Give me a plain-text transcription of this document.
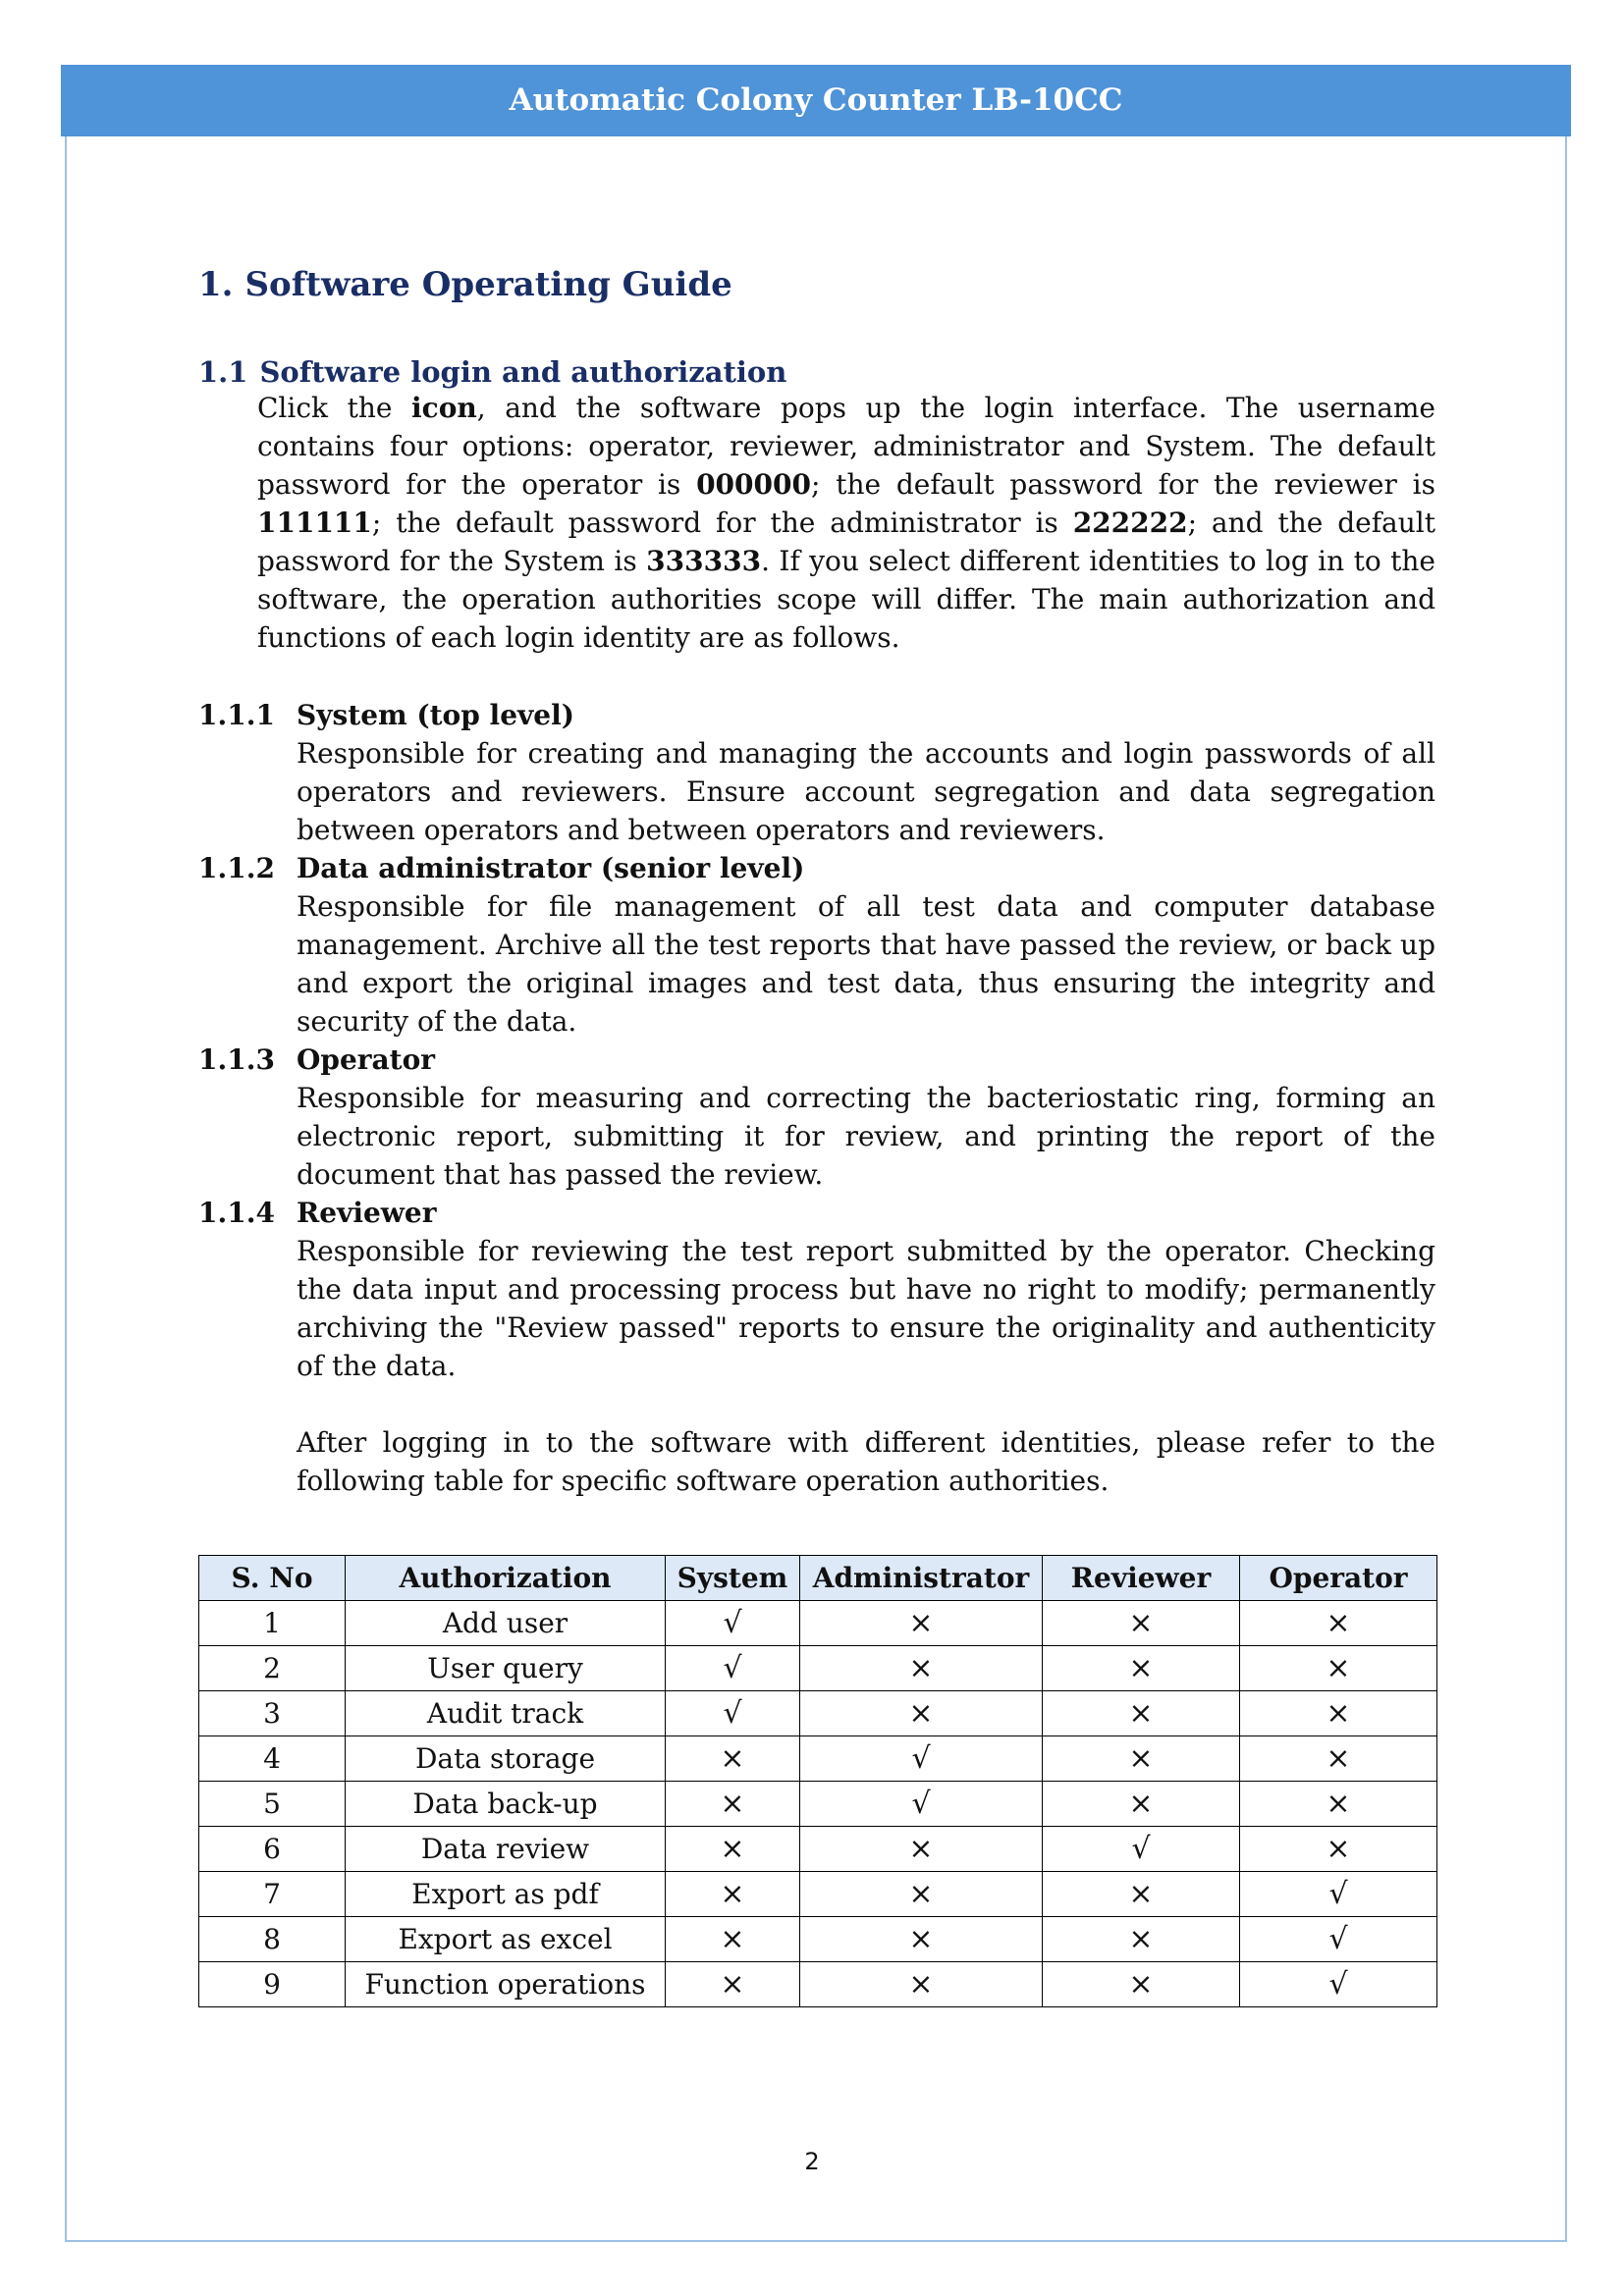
Automatic Colony Counter LB-10CC
1. Software Operating Guide
1.1 Software login and authorization
Click the icon, and the software pops up the login interface. The username contains four options: operator, reviewer, administrator and System. The default password for the operator is 000000; the default password for the reviewer is 111111; the default password for the administrator is 222222; and the default password for the System is 333333. If you select different identities to log in to the software, the operation authorities scope will differ. The main authorization and functions of each login identity are as follows.
1.1.1 System (top level)
Responsible for creating and managing the accounts and login passwords of all operators and reviewers. Ensure account segregation and data segregation between operators and between operators and reviewers.
1.1.2 Data administrator (senior level)
Responsible for file management of all test data and computer database management. Archive all the test reports that have passed the review, or back up and export the original images and test data, thus ensuring the integrity and security of the data.
1.1.3 Operator
Responsible for measuring and correcting the bacteriostatic ring, forming an electronic report, submitting it for review, and printing the report of the document that has passed the review.
1.1.4 Reviewer
Responsible for reviewing the test report submitted by the operator. Checking the data input and processing process but have no right to modify; permanently archiving the "Review passed" reports to ensure the originality and authenticity of the data.
After logging in to the software with different identities, please refer to the following table for specific software operation authorities.
S. No	Authorization	System	Administrator	Reviewer	Operator
1	Add user	√	×	×	×
2	User query	√	×	×	×
3	Audit track	√	×	×	×
4	Data storage	×	√	×	×
5	Data back-up	×	√	×	×
6	Data review	×	×	√	×
7	Export as pdf	×	×	×	√
8	Export as excel	×	×	×	√
9	Function operations	×	×	×	√
2
